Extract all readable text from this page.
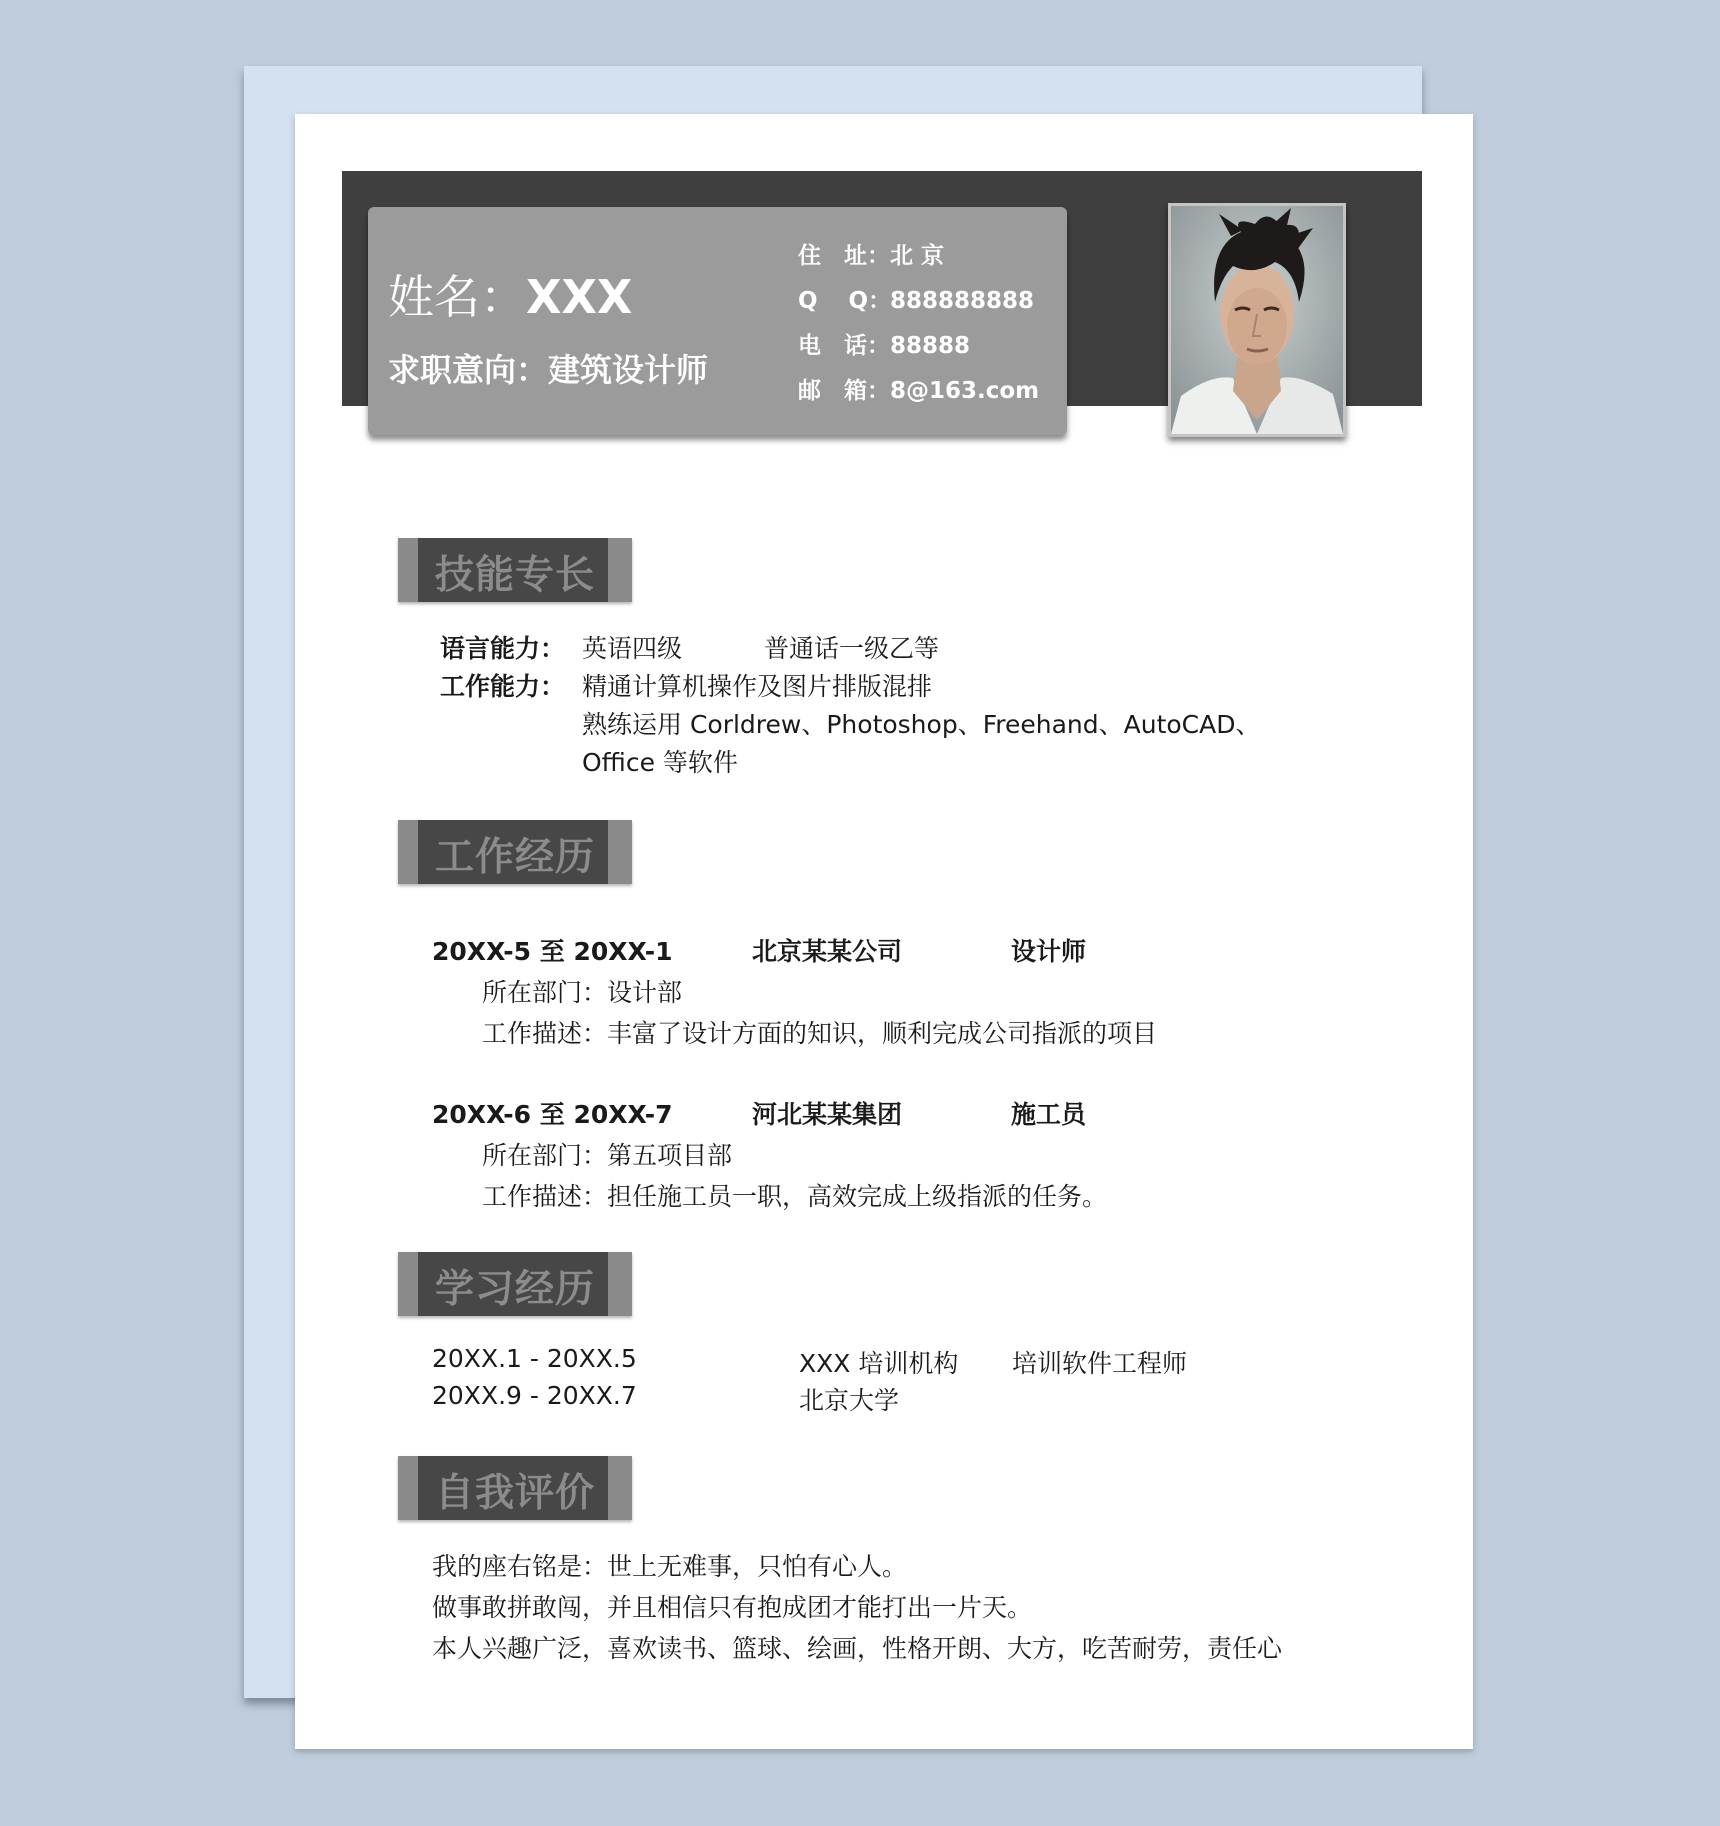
姓名：XXX
求职意向：建筑设计师
住　址：北 京
Q　 Q：888888888
电　话：88888
邮　箱：8@163.com
技能专长
语言能力： 英语四级	普通话一级乙等
工作能力： 精通计算机操作及图片排版混排
熟练运用 Corldrew、Photoshop、Freehand、AutoCAD、
Office 等软件
工作经历
20XX-5 至 20XX-1	北京某某公司	设计师
所在部门：设计部
工作描述：丰富了设计方面的知识，顺利完成公司指派的项目
20XX-6 至 20XX-7	河北某某集团	施工员
所在部门：第五项目部
工作描述：担任施工员一职，高效完成上级指派的任务。
学习经历
20XX.1 - 20XX.5	XXX 培训机构 培训软件工程师
20XX.9 - 20XX.7	北京大学
自我评价
我的座右铭是：世上无难事，只怕有心人。
做事敢拼敢闯，并且相信只有抱成团才能打出一片天。
本人兴趣广泛，喜欢读书、篮球、绘画，性格开朗、大方，吃苦耐劳，责任心
